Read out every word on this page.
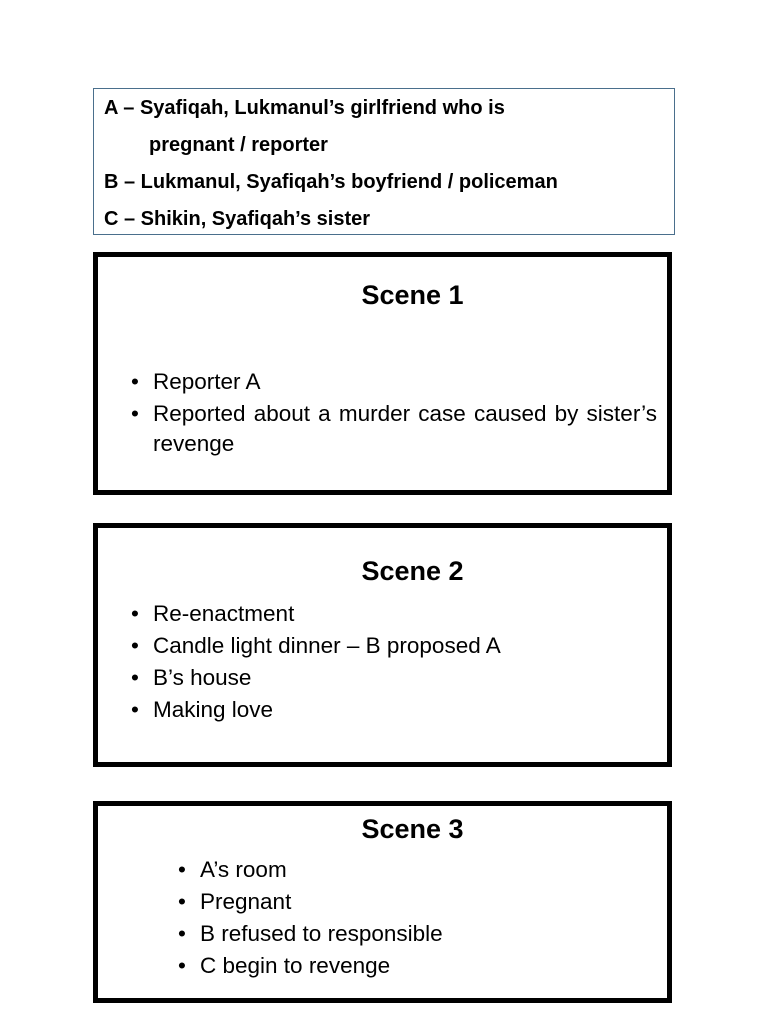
A – Syafiqah, Lukmanul’s girlfriend who is
pregnant / reporter
B – Lukmanul, Syafiqah’s boyfriend / policeman
C – Shikin, Syafiqah’s sister
Scene 1
• Reporter A
• Reported about a murder case caused by sister’s revenge
Scene 2
• Re-enactment
• Candle light dinner – B proposed A
• B’s house
• Making love
Scene 3
• A’s room
• Pregnant
• B refused to responsible
• C begin to revenge
